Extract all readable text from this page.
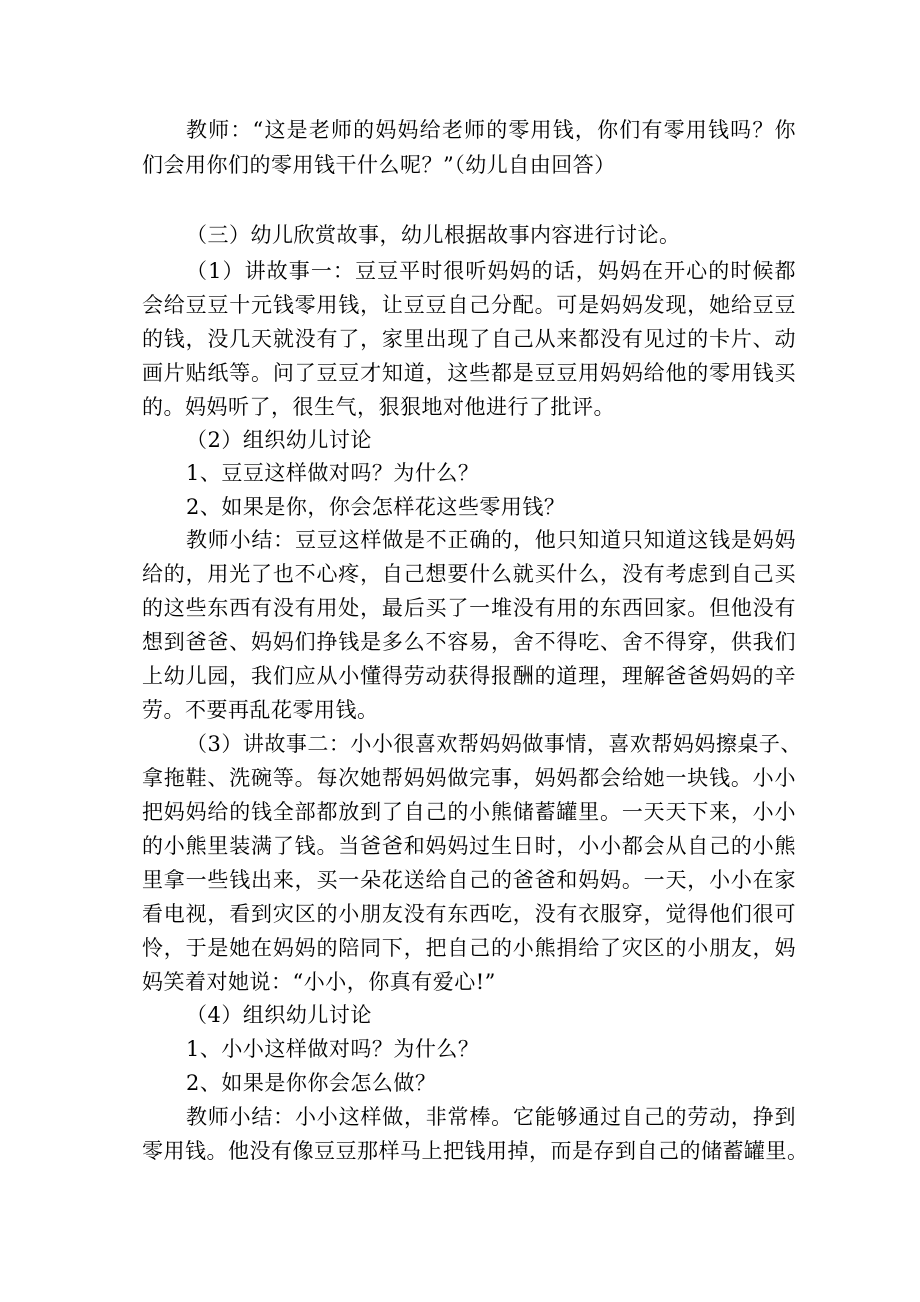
教师：“这是老师的妈妈给老师的零用钱，你们有零用钱吗？你
们会用你们的零用钱干什么呢？”（幼儿自由回答）
（三）幼儿欣赏故事，幼儿根据故事内容进行讨论。
（1）讲故事一：豆豆平时很听妈妈的话，妈妈在开心的时候都
会给豆豆十元钱零用钱，让豆豆自己分配。可是妈妈发现，她给豆豆
的钱，没几天就没有了，家里出现了自己从来都没有见过的卡片、动
画片贴纸等。问了豆豆才知道，这些都是豆豆用妈妈给他的零用钱买
的。妈妈听了，很生气，狠狠地对他进行了批评。
（2）组织幼儿讨论
1、豆豆这样做对吗？为什么？
2、如果是你，你会怎样花这些零用钱？
教师小结：豆豆这样做是不正确的，他只知道只知道这钱是妈妈
给的，用光了也不心疼，自己想要什么就买什么，没有考虑到自己买
的这些东西有没有用处，最后买了一堆没有用的东西回家。但他没有
想到爸爸、妈妈们挣钱是多么不容易，舍不得吃、舍不得穿，供我们
上幼儿园，我们应从小懂得劳动获得报酬的道理，理解爸爸妈妈的辛
劳。不要再乱花零用钱。
（3）讲故事二：小小很喜欢帮妈妈做事情，喜欢帮妈妈擦桌子、
拿拖鞋、洗碗等。每次她帮妈妈做完事，妈妈都会给她一块钱。小小
把妈妈给的钱全部都放到了自己的小熊储蓄罐里。一天天下来，小小
的小熊里装满了钱。当爸爸和妈妈过生日时，小小都会从自己的小熊
里拿一些钱出来，买一朵花送给自己的爸爸和妈妈。一天，小小在家
看电视，看到灾区的小朋友没有东西吃，没有衣服穿，觉得他们很可
怜，于是她在妈妈的陪同下，把自己的小熊捐给了灾区的小朋友，妈
妈笑着对她说：“小小，你真有爱心!”
（4）组织幼儿讨论
1、小小这样做对吗？为什么？
2、如果是你你会怎么做？
教师小结：小小这样做，非常棒。它能够通过自己的劳动，挣到
零用钱。他没有像豆豆那样马上把钱用掉，而是存到自己的储蓄罐里。
